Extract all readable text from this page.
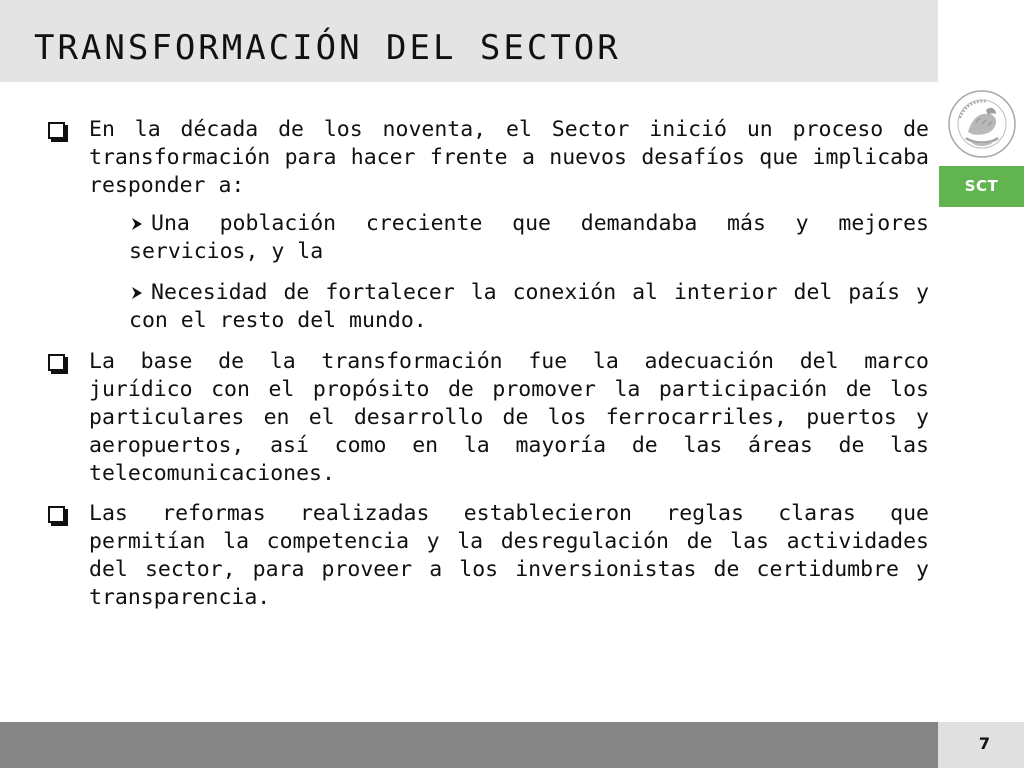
TRANSFORMACIÓN DEL SECTOR
SCT
En la década de los noventa, el Sector inició un proceso de transformación para hacer frente a nuevos desafíos que implicaba responder a:
Una población creciente que demandaba más y mejores servicios, y la
Necesidad de fortalecer la conexión al interior del país y con el resto del mundo.
La base de la transformación fue la adecuación del marco jurídico con el propósito de promover la participación de los particulares en el desarrollo de los ferrocarriles, puertos y aeropuertos, así como en la mayoría de las áreas de las telecomunicaciones.
Las reformas realizadas establecieron reglas claras que permitían la competencia y la desregulación de las actividades del sector, para proveer a los inversionistas de certidumbre y transparencia.
7
